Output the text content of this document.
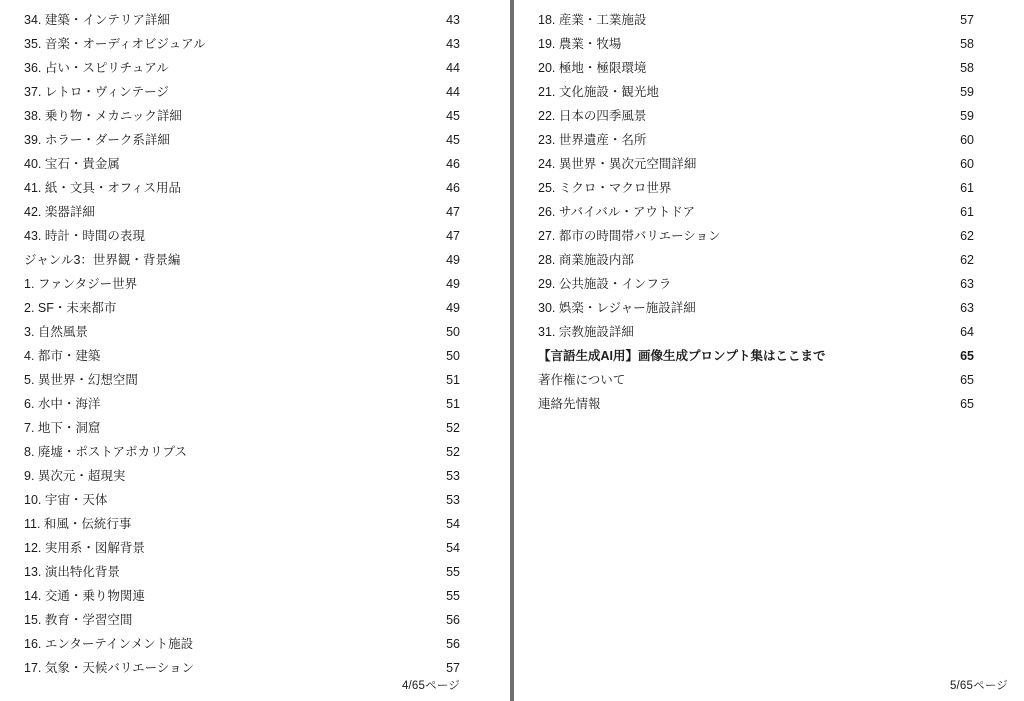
34. 建築・インテリア詳細	43
35. 音楽・オーディオビジュアル	43
36. 占い・スピリチュアル	44
37. レトロ・ヴィンテージ	44
38. 乗り物・メカニック詳細	45
39. ホラー・ダーク系詳細	45
40. 宝石・貴金属	46
41. 紙・文具・オフィス用品	46
42. 楽器詳細	47
43. 時計・時間の表現	47
ジャンル3：世界観・背景編	49
1. ファンタジー世界	49
2. SF・未来都市	49
3. 自然風景	50
4. 都市・建築	50
5. 異世界・幻想空間	51
6. 水中・海洋	51
7. 地下・洞窟	52
8. 廃墟・ポストアポカリプス	52
9. 異次元・超現実	53
10. 宇宙・天体	53
11. 和風・伝統行事	54
12. 実用系・図解背景	54
13. 演出特化背景	55
14. 交通・乗り物関連	55
15. 教育・学習空間	56
16. エンターテインメント施設	56
17. 気象・天候バリエーション	57
4/65ページ
18. 産業・工業施設	57
19. 農業・牧場	58
20. 極地・極限環境	58
21. 文化施設・観光地	59
22. 日本の四季風景	59
23. 世界遺産・名所	60
24. 異世界・異次元空間詳細	60
25. ミクロ・マクロ世界	61
26. サバイバル・アウトドア	61
27. 都市の時間帯バリエーション	62
28. 商業施設内部	62
29. 公共施設・インフラ	63
30. 娯楽・レジャー施設詳細	63
31. 宗教施設詳細	64
【言語生成AI用】画像生成プロンプト集はここまで	65
著作権について	65
連絡先情報	65
5/65ページ
